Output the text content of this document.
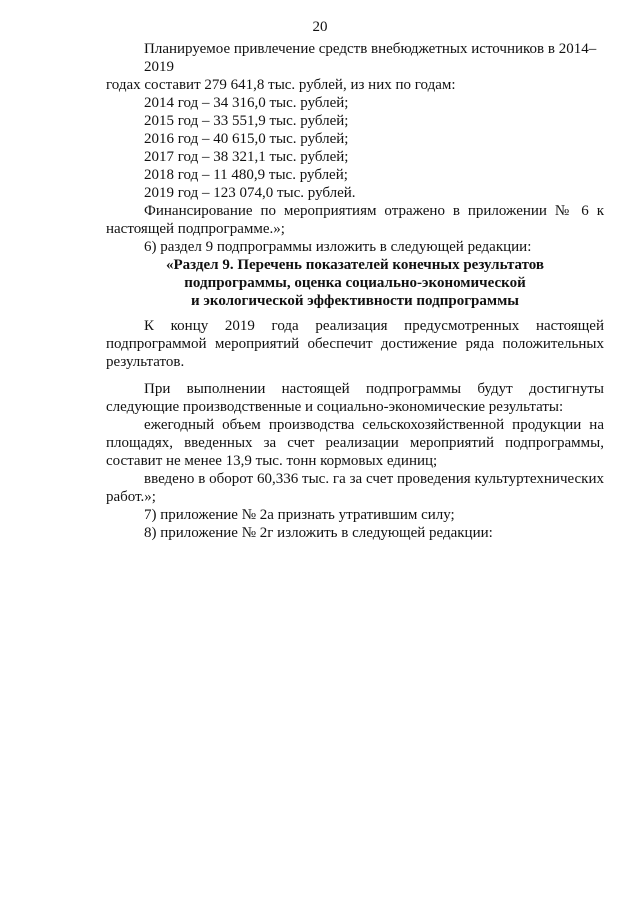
20

Планируемое привлечение средств внебюджетных источников в 2014–2019

годах составит 279 641,8 тыс. рублей, из них по годам:

2014 год – 34 316,0 тыс. рублей;

2015 год – 33 551,9 тыс. рублей;

2016 год – 40 615,0 тыс. рублей;

2017 год – 38 321,1 тыс. рублей;

2018 год – 11 480,9 тыс. рублей;

2019 год – 123 074,0 тыс. рублей.

Финансирование по мероприятиям отражено в приложении № 6 к настоящей подпрограмме.»;

6) раздел 9 подпрограммы изложить в следующей редакции:

«Раздел 9. Перечень показателей конечных результатов

подпрограммы, оценка социально-экономической

и экологической эффективности подпрограммы

К концу 2019 года реализация предусмотренных настоящей подпрограммой мероприятий обеспечит достижение ряда положительных результатов.

При выполнении настоящей подпрограммы будут достигнуты следующие производственные и социально-экономические результаты:

ежегодный объем производства сельскохозяйственной продукции на площадях, введенных за счет реализации мероприятий подпрограммы, составит не менее 13,9 тыс. тонн кормовых единиц;

введено в оборот 60,336 тыс. га за счет проведения культуртехнических работ.»;

7) приложение № 2а признать утратившим силу;

8) приложение № 2г изложить в следующей редакции:
